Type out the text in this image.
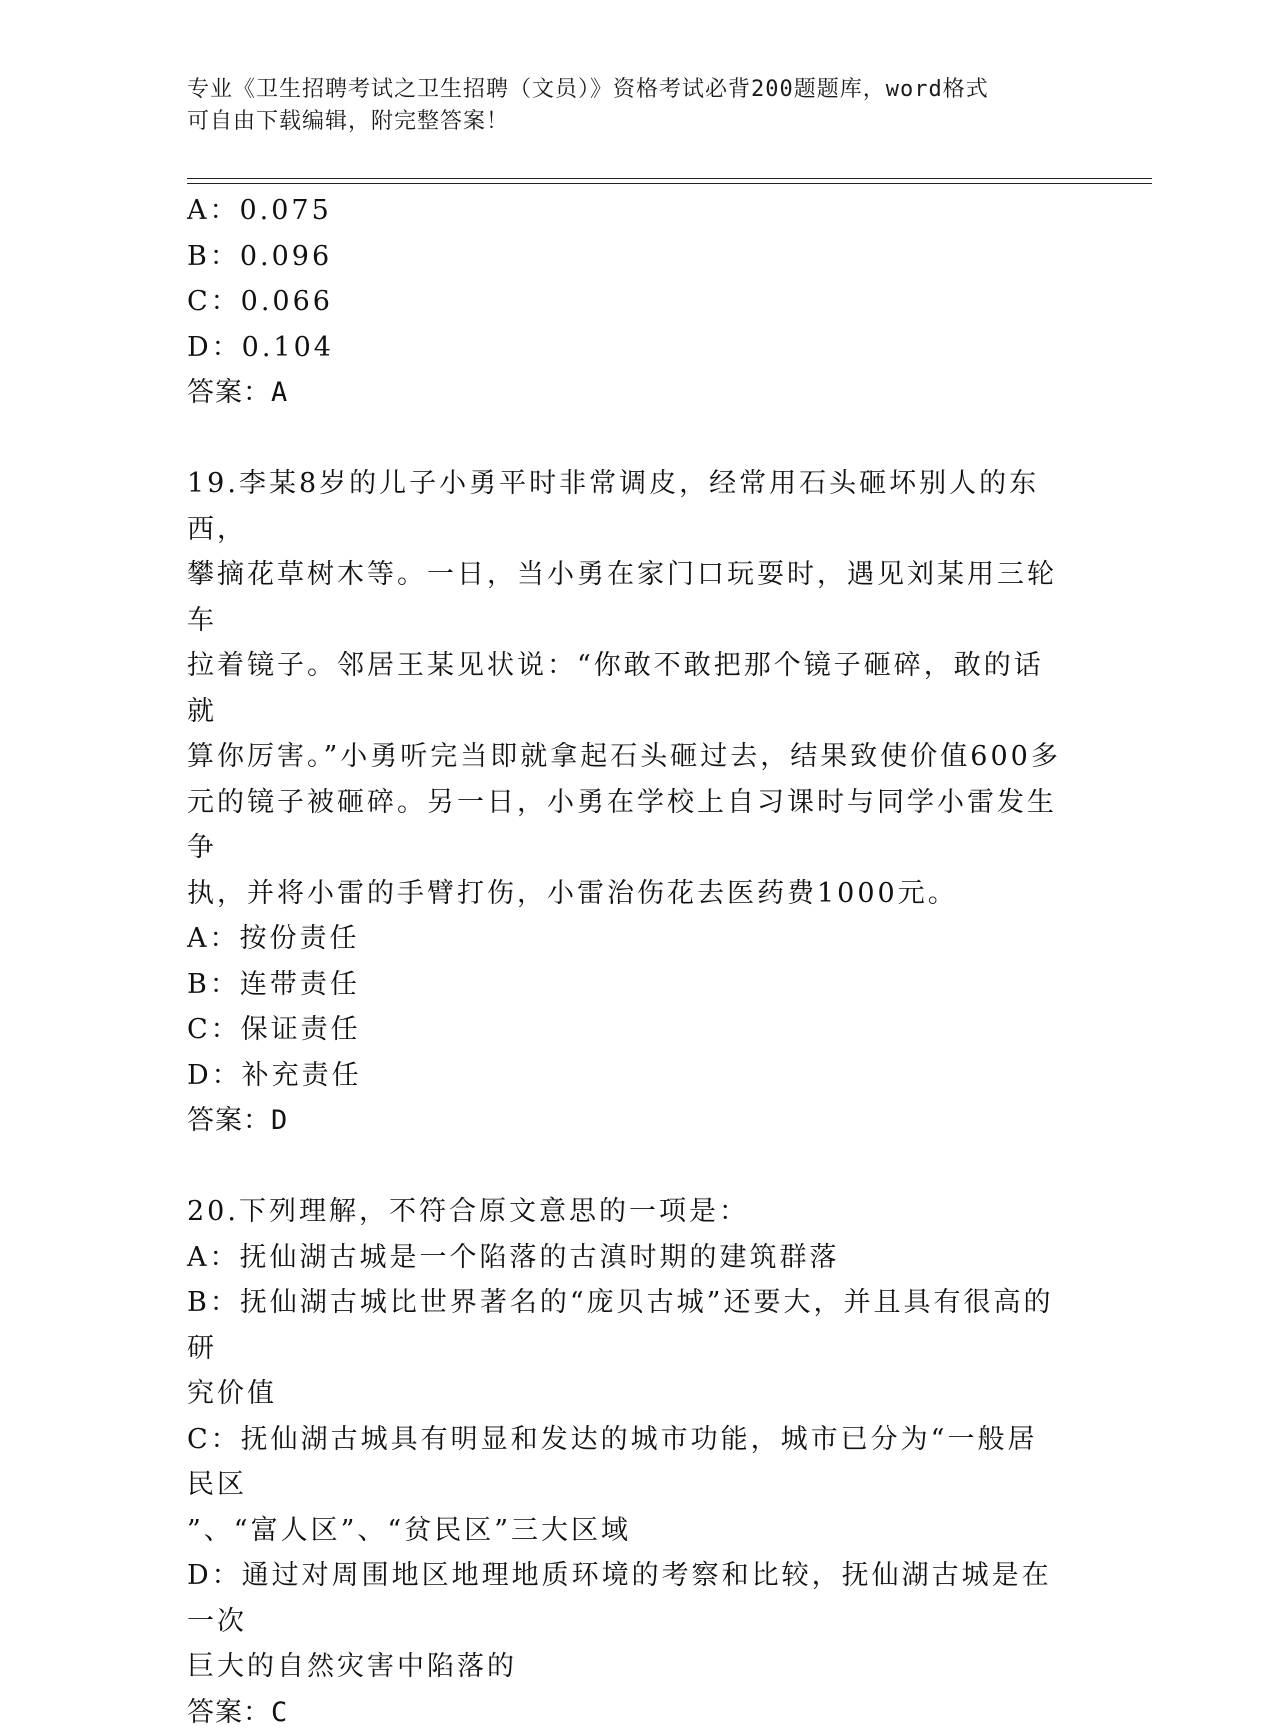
专业《卫生招聘考试之卫生招聘（文员）》资格考试必背200题题库，word格式
可自由下载编辑，附完整答案！
A：0.075
B：0.096
C：0.066
D：0.104
答案：A
19.李某8岁的儿子小勇平时非常调皮，经常用石头砸坏别人的东西，
攀摘花草树木等。一日，当小勇在家门口玩耍时，遇见刘某用三轮车
拉着镜子。邻居王某见状说：“你敢不敢把那个镜子砸碎，敢的话就
算你厉害。”小勇听完当即就拿起石头砸过去，结果致使价值600多
元的镜子被砸碎。另一日，小勇在学校上自习课时与同学小雷发生争
执，并将小雷的手臂打伤，小雷治伤花去医药费1000元。
A：按份责任
B：连带责任
C：保证责任
D：补充责任
答案：D
20.下列理解，不符合原文意思的一项是：
A：抚仙湖古城是一个陷落的古滇时期的建筑群落
B：抚仙湖古城比世界著名的“庞贝古城”还要大，并且具有很高的研
究价值
C：抚仙湖古城具有明显和发达的城市功能，城市已分为“一般居民区
”、“富人区”、“贫民区”三大区域
D：通过对周围地区地理地质环境的考察和比较，抚仙湖古城是在一次
巨大的自然灾害中陷落的
答案：C
